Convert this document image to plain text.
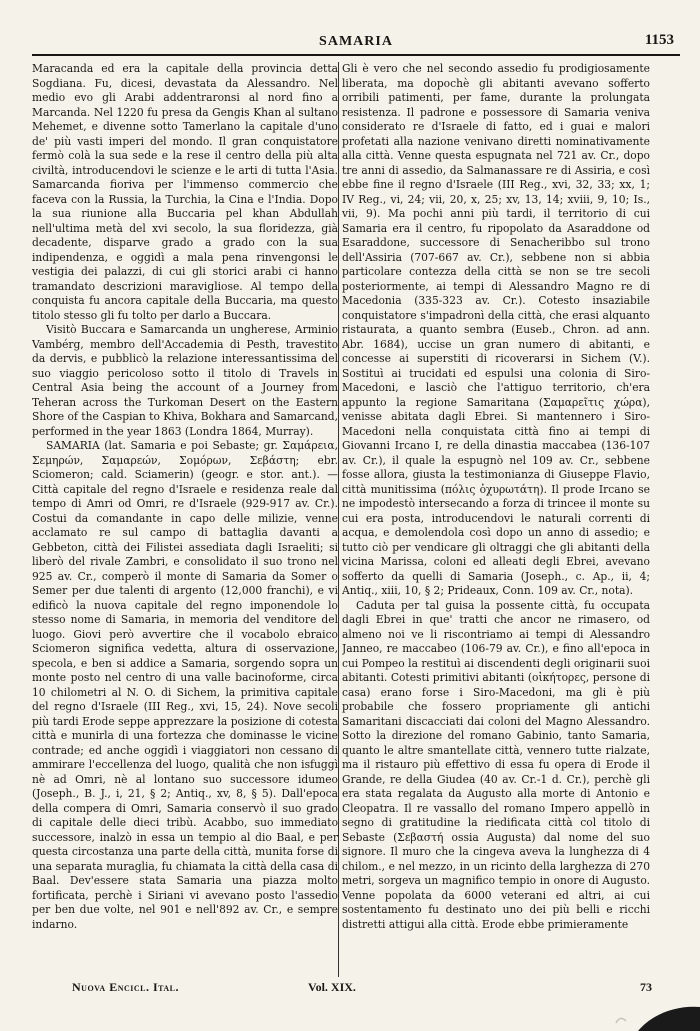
SAMARIA	1153

Maracanda ed era la capitale della provincia detta Sogdiana. Fu, dicesi, devastata da Alessandro. Nel medio evo gli Arabi addentraronsi al nord fino a Marcanda. Nel 1220 fu presa da Gengis Khan al sultano Mehemet, e divenne sotto Tamerlano la capitale d'uno de' più vasti imperi del mondo. Il gran conquistatore fermò colà la sua sede e la rese il centro della più alta civiltà, introducendovi le scienze e le arti di tutta l'Asia. Samarcanda fioriva per l'immenso commercio che faceva con la Russia, la Turchia, la Cina e l'India. Dopo la sua riunione alla Buccaria pel khan Abdullah nell'ultima metà del xvi secolo, la sua floridezza, già decadente, disparve grado a grado con la sua indipendenza, e oggidì a mala pena rinvengonsi le vestigia dei palazzi, di cui gli storici arabi ci hanno tramandato descrizioni maravigliose. Al tempo della conquista fu ancora capitale della Buccaria, ma questo titolo stesso gli fu tolto per darlo a Buccara.

Visitò Buccara e Samarcanda un ungherese, Arminio Vambérg, membro dell'Accademia di Pesth, travestito da dervis, e pubblicò la relazione interessantissima del suo viaggio pericoloso sotto il titolo di Travels in Central Asia being the account of a Journey from Teheran across the Turkoman Desert on the Eastern Shore of the Caspian to Khiva, Bokhara and Samarcand, performed in the year 1863 (Londra 1864, Murray).

SAMARIA (lat. Samaria e poi Sebaste; gr. Σαμάρεια, Σεμηρών, Σαμαρεών, Σομόρων, Σεβάστη; ebr. Sciomeron; cald. Sciamerin) (geogr. e stor. ant.). — Città capitale del regno d'Israele e residenza reale dal tempo di Amri od Omri, re d'Israele (929-917 av. Cr.). Costui da comandante in capo delle milizie, venne acclamato re sul campo di battaglia davanti a Gebbeton, città dei Filistei assediata dagli Israeliti; si liberò del rivale Zambri, e consolidato il suo trono nel 925 av. Cr., comperò il monte di Samaria da Somer o Semer per due talenti di argento (12,000 franchi), e vi edificò la nuova capitale del regno imponendole lo stesso nome di Samaria, in memoria del venditore del luogo. Giovi però avvertire che il vocabolo ebraico Sciomeron significa vedetta, altura di osservazione, specola, e ben si addice a Samaria, sorgendo sopra un monte posto nel centro di una valle bacinoforme, circa 10 chilometri al N. O. di Sichem, la primitiva capitale del regno d'Israele (III Reg., xvi, 15, 24). Nove secoli più tardi Erode seppe apprezzare la posizione di cotesta città e munirla di una fortezza che dominasse le vicine contrade; ed anche oggidì i viaggiatori non cessano di ammirare l'eccellenza del luogo, qualità che non isfuggì nè ad Omri, nè al lontano suo successore idumeo (Joseph., B. J., i, 21, § 2; Antiq., xv, 8, § 5). Dall'epoca della compera di Omri, Samaria conservò il suo grado di capitale delle dieci tribù. Acabbo, suo immediato successore, inalzò in essa un tempio al dio Baal, e per questa circostanza una parte della città, munita forse di una separata muraglia, fu chiamata la città della casa di Baal. Dev'essere stata Samaria una piazza molto fortificata, perchè i Siriani vi avevano posto l'assedio per ben due volte, nel 901 e nell'892 av. Cr., e sempre indarno.

Gli è vero che nel secondo assedio fu prodigiosamente liberata, ma dopochè gli abitanti avevano sofferto orribili patimenti, per fame, durante la prolungata resistenza. Il padrone e possessore di Samaria veniva considerato re d'Israele di fatto, ed i guai e malori profetati alla nazione venivano diretti nominativamente alla città. Venne questa espugnata nel 721 av. Cr., dopo tre anni di assedio, da Salmanassare re di Assiria, e così ebbe fine il regno d'Israele (III Reg., xvi, 32, 33; xx, 1; IV Reg., vi, 24; vii, 20, x, 25; xv, 13, 14; xviii, 9, 10; Is., vii, 9). Ma pochi anni più tardi, il territorio di cui Samaria era il centro, fu ripopolato da Asaraddone od Esaraddone, successore di Senacheribbo sul trono dell'Assiria (707-667 av. Cr.), sebbene non si abbia particolare contezza della città se non se tre secoli posteriormente, ai tempi di Alessandro Magno re di Macedonia (335-323 av. Cr.). Cotesto insaziabile conquistatore s'impadronì della città, che erasi alquanto ristaurata, a quanto sembra (Euseb., Chron. ad ann. Abr. 1684), uccise un gran numero di abitanti, e concesse ai superstiti di ricoverarsi in Sichem (V.). Sostituì ai trucidati ed espulsi una colonia di Siro-Macedoni, e lasciò che l'attiguo territorio, ch'era appunto la regione Samaritana (Σαμαρεῖτις χώρα), venisse abitata dagli Ebrei. Si mantennero i Siro-Macedoni nella conquistata città fino ai tempi di Giovanni Ircano I, re della dinastia maccabea (136-107 av. Cr.), il quale la espugnò nel 109 av. Cr., sebbene fosse allora, giusta la testimonianza di Giuseppe Flavio, città munitissima (πόλις ὀχυρωτάτη). Il prode Ircano se ne impodestò intersecando a forza di trincee il monte su cui era posta, introducendovi le naturali correnti di acqua, e demolendola così dopo un anno di assedio; e tutto ciò per vendicare gli oltraggi che gli abitanti della vicina Marissa, coloni ed alleati degli Ebrei, avevano sofferto da quelli di Samaria (Joseph., c. Ap., ii, 4; Antiq., xiii, 10, § 2; Prideaux, Conn. 109 av. Cr., nota).

Caduta per tal guisa la possente città, fu occupata dagli Ebrei in que' tratti che ancor ne rimasero, od almeno noi ve li riscontriamo ai tempi di Alessandro Janneo, re maccabeo (106-79 av. Cr.), e fino all'epoca in cui Pompeo la restituì ai discendenti degli originarii suoi abitanti. Cotesti primitivi abitanti (οἰκήτορες, persone di casa) erano forse i Siro-Macedoni, ma gli è più probabile che fossero propriamente gli antichi Samaritani discacciati dai coloni del Magno Alessandro. Sotto la direzione del romano Gabinio, tanto Samaria, quanto le altre smantellate città, vennero tutte rialzate, ma il ristauro più effettivo di essa fu opera di Erode il Grande, re della Giudea (40 av. Cr.-1 d. Cr.), perchè gli era stata regalata da Augusto alla morte di Antonio e Cleopatra. Il re vassallo del romano Impero appellò in segno di gratitudine la riedificata città col titolo di Sebaste (Σεβαστή ossia Augusta) dal nome del suo signore. Il muro che la cingeva aveva la lunghezza di 4 chilom., e nel mezzo, in un ricinto della larghezza di 270 metri, sorgeva un magnifico tempio in onore di Augusto. Venne popolata da 6000 veterani ed altri, ai cui sostentamento fu destinato uno dei più belli e ricchi distretti attigui alla città. Erode ebbe primieramente

Nuova Encicl. Ital.	Vol. XIX.	73
